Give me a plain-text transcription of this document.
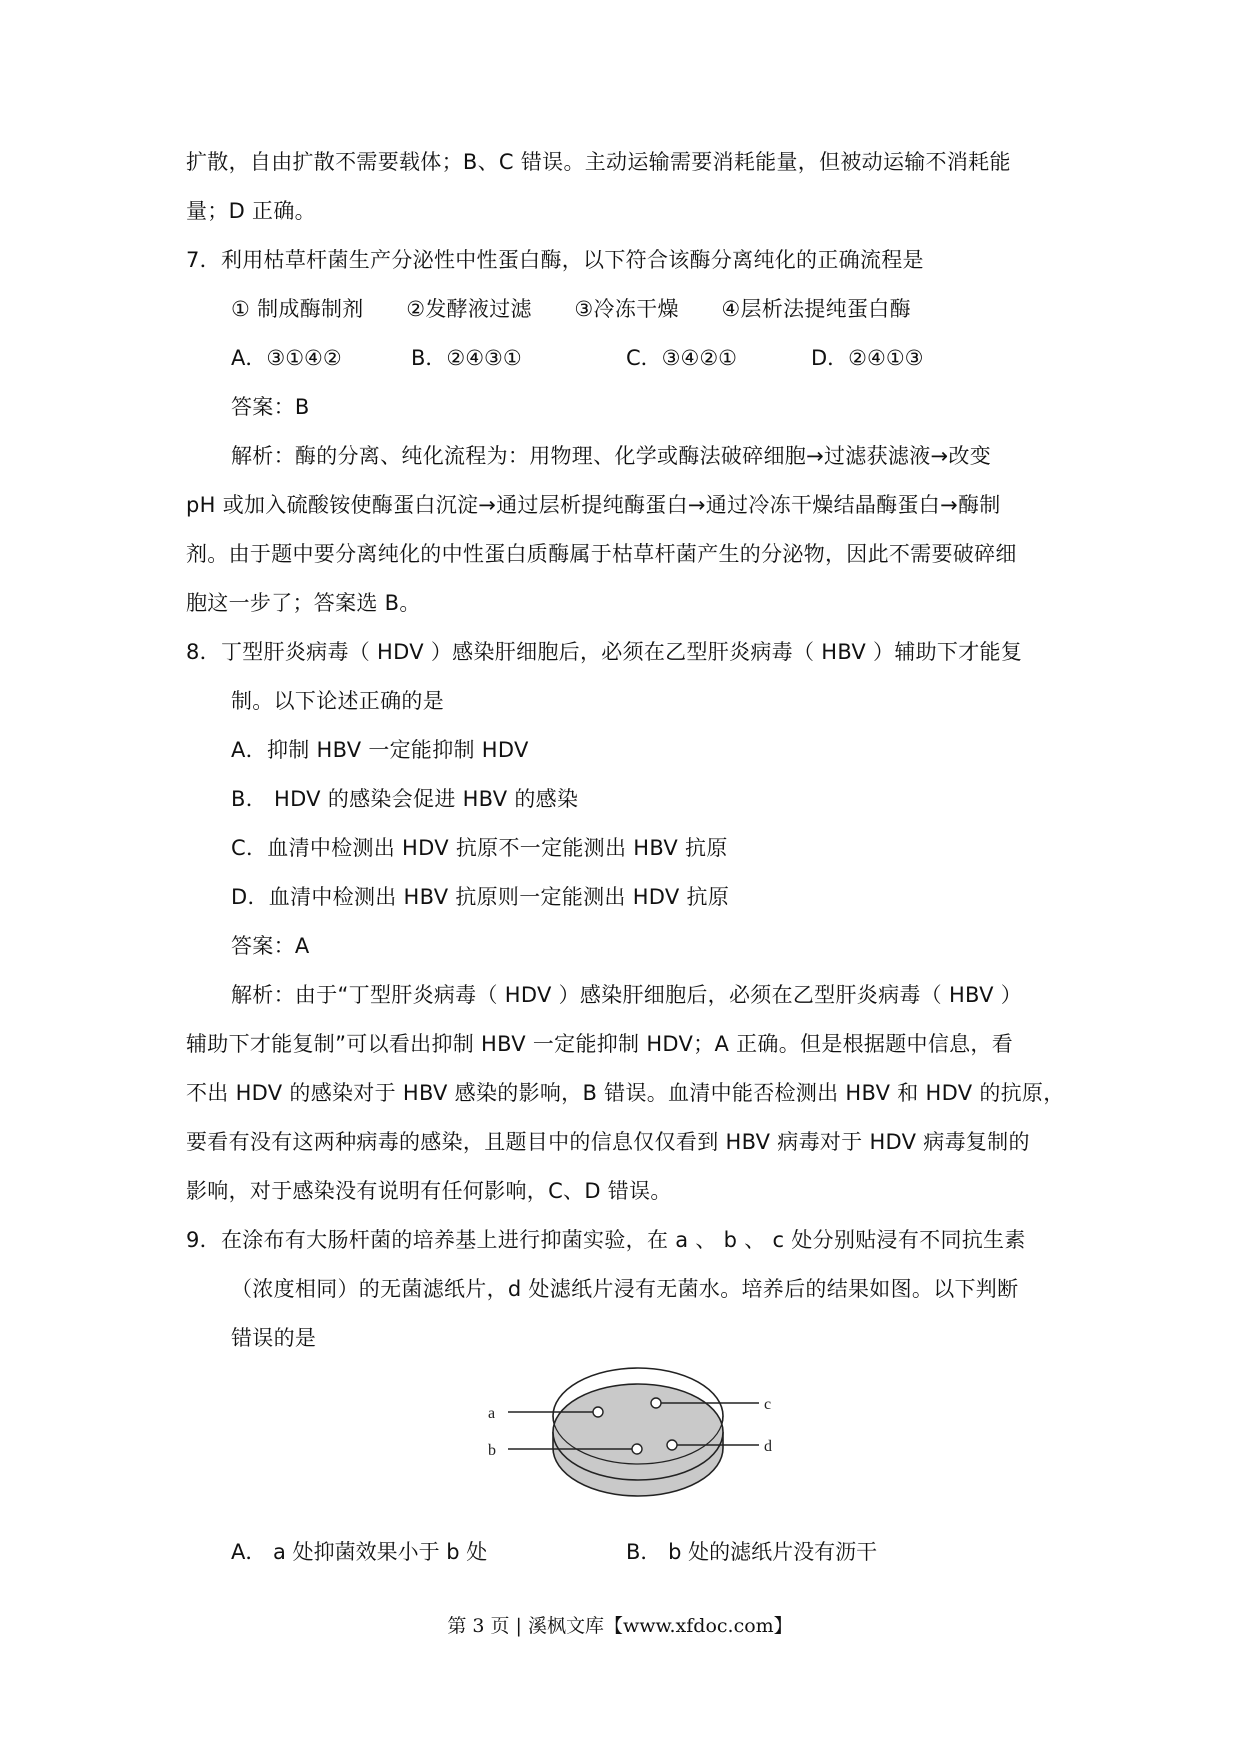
扩散，自由扩散不需要载体；B、C 错误。主动运输需要消耗能量，但被动运输不消耗能
量；D 正确。
7．利用枯草杆菌生产分泌性中性蛋白酶，以下符合该酶分离纯化的正确流程是
① 制成酶制剂　　②发酵液过滤　　③冷冻干燥　　④层析法提纯蛋白酶
A．③①④②	B．②④③①	C．③④②①	D．②④①③
答案：B
解析：酶的分离、纯化流程为：用物理、化学或酶法破碎细胞→过滤获滤液→改变
pH 或加入硫酸铵使酶蛋白沉淀→通过层析提纯酶蛋白→通过冷冻干燥结晶酶蛋白→酶制
剂。由于题中要分离纯化的中性蛋白质酶属于枯草杆菌产生的分泌物，因此不需要破碎细
胞这一步了；答案选 B。
8．丁型肝炎病毒（ HDV ）感染肝细胞后，必须在乙型肝炎病毒（ HBV ）辅助下才能复
制。以下论述正确的是
A．抑制 HBV 一定能抑制 HDV
B． HDV 的感染会促进 HBV 的感染
C．血清中检测出 HDV 抗原不一定能测出 HBV 抗原
D．血清中检测出 HBV 抗原则一定能测出 HDV 抗原
答案：A
解析：由于“丁型肝炎病毒（ HDV ）感染肝细胞后，必须在乙型肝炎病毒（ HBV ）
辅助下才能复制”可以看出抑制 HBV 一定能抑制 HDV；A 正确。但是根据题中信息，看
不出 HDV 的感染对于 HBV 感染的影响，B 错误。血清中能否检测出 HBV 和 HDV 的抗原，
要看有没有这两种病毒的感染，且题目中的信息仅仅看到 HBV 病毒对于 HDV 病毒复制的
影响，对于感染没有说明有任何影响，C、D 错误。
9．在涂布有大肠杆菌的培养基上进行抑菌实验，在 a 、 b 、 c 处分别贴浸有不同抗生素
（浓度相同）的无菌滤纸片，d 处滤纸片浸有无菌水。培养后的结果如图。以下判断
错误的是
a
b
c
d
A． a 处抑菌效果小于 b 处	B． b 处的滤纸片没有沥干
第 3 页 | 溪枫文库【www.xfdoc.com】
